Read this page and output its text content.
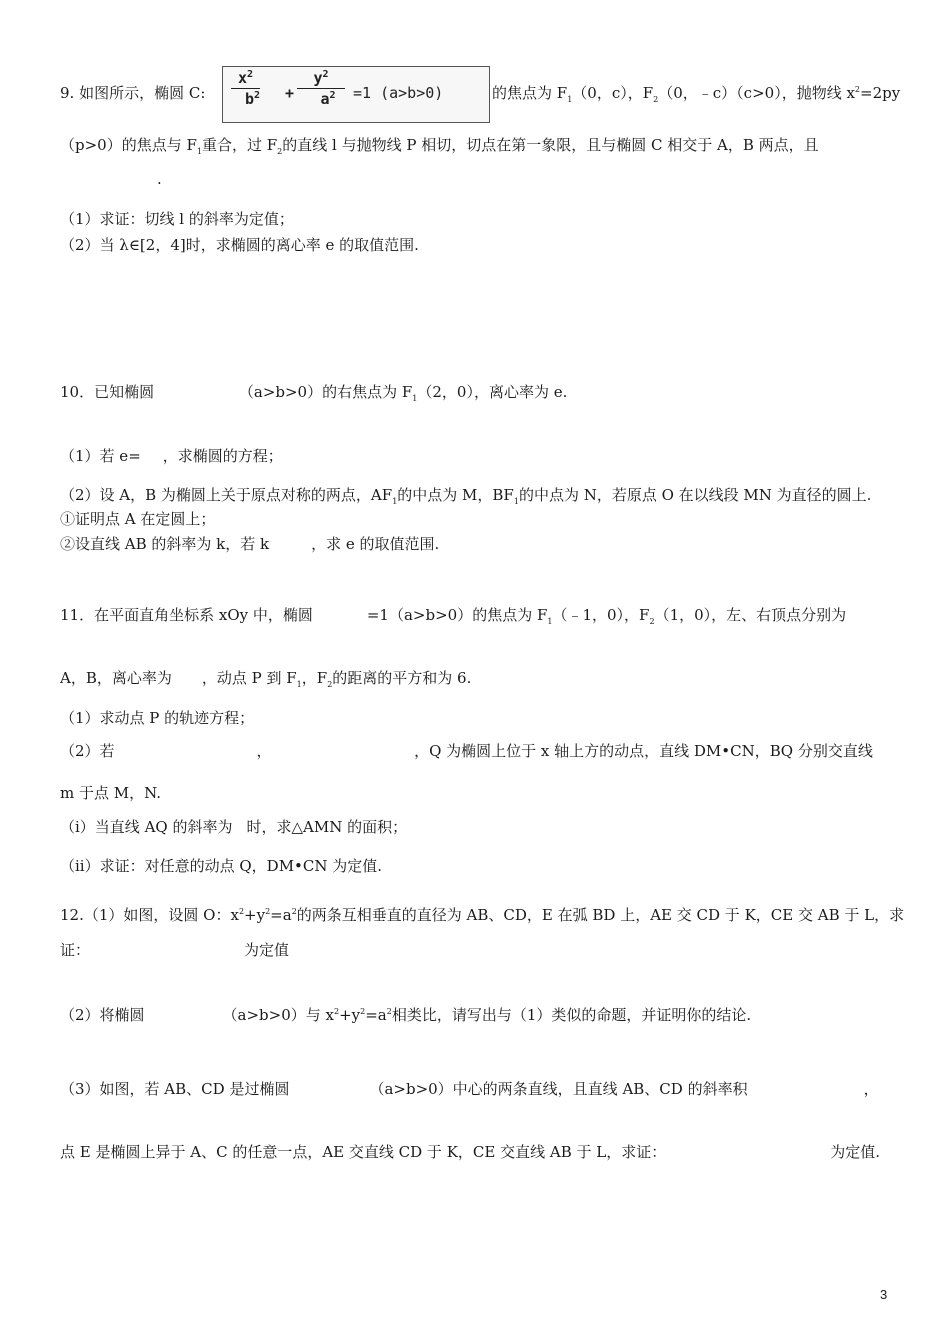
9. 如图所示，椭圆 C:
$x^2$
$b^2$ +
$y^2$
$a^2$	=1 (a>b>0)	的焦点为 $F_1(0$，c），$F_2(0$，﹣c）（c>0），抛物线 $x^2=2py$
（p>0）的焦点与 $F_1$重合，过 $F_2$的直线 l 与抛物线 P 相切，切点在第一象限，且与椭圆 C 相交于 A，B 两点，且
.
（1）求证：切线 l 的斜率为定值；
（2）当 λ∈[2，4]时，求椭圆的离心率 e 的取值范围.
10．已知椭圆	（a>b>0）的右焦点为 $F_1(2$，0），离心率为 e.
（1）若 e= ，求椭圆的方程；
（2）设 A，B 为椭圆上关于原点对称的两点，$AF_1$的中点为 M，$BF_1$的中点为 N，若原点 O 在以线段 MN 为直径的圆上.
①证明点 A 在定圆上；
②设直线 AB 的斜率为 k，若 k	，求 e 的取值范围.
11．在平面直角坐标系 xOy 中，椭圆	=1（a>b>0）的焦点为 $F_1(﹣1$，0），$F_2(1$，0），左、右顶点分别为
A，B，离心率为 ，动点 P 到 $F_1$，$F_2$的距离的平方和为 6.
（1）求动点 P 的轨迹方程；
（2）若	，	，Q 为椭圆上位于 x 轴上方的动点，直线 DM•CN，BQ 分别交直线
m 于点 M，N.
（i）当直线 AQ 的斜率为 时，求△AMN 的面积；
（ii）求证：对任意的动点 Q，DM•CN 为定值.
12.（1）如图，设圆 O：$x^2+y^2=a^2$的两条互相垂直的直径为 AB、CD，E 在弧 BD 上，AE 交 CD 于 K，CE 交 AB 于 L，求
证：	为定值
（2）将椭圆	（a>b>0）与 $x^2+y^2=a^2$相类比，请写出与（1）类似的命题，并证明你的结论.
（3）如图，若 AB、CD 是过椭圆	（a>b>0）中心的两条直线，且直线 AB、CD 的斜率积	，
点 E 是椭圆上异于 A、C 的任意一点，AE 交直线 CD 于 K，CE 交直线 AB 于 L，求证：	为定值.
3
